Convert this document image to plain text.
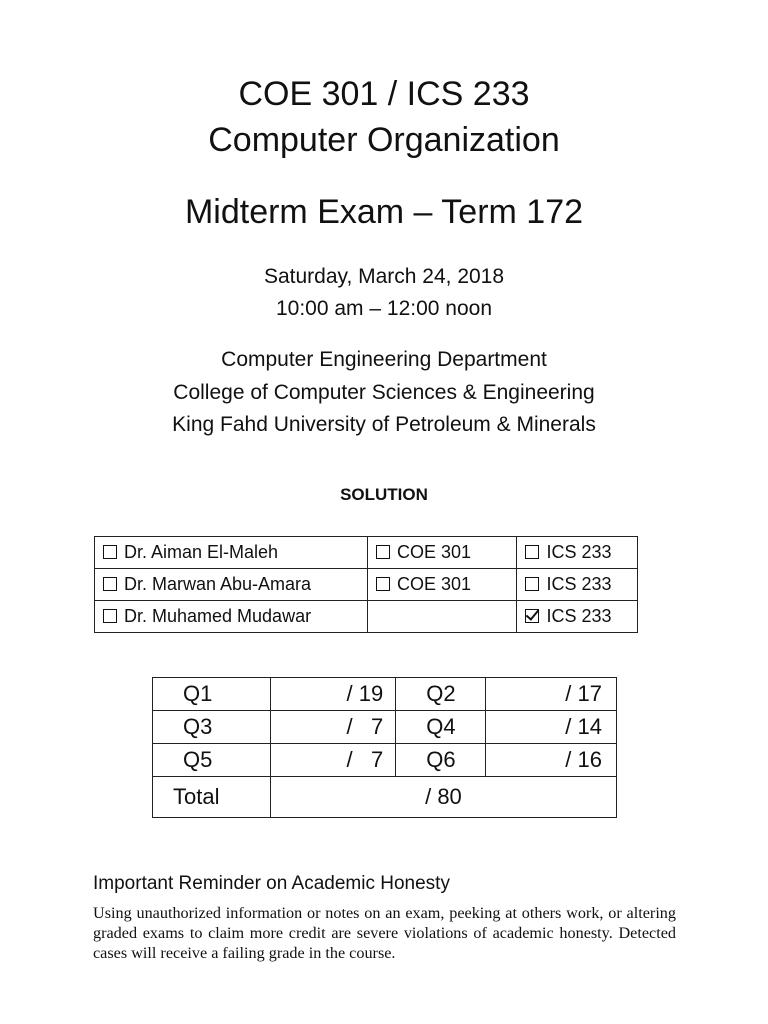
COE 301 / ICS 233
Computer Organization
Midterm Exam – Term 172
Saturday, March 24, 2018
10:00 am – 12:00 noon
Computer Engineering Department
College of Computer Sciences & Engineering
King Fahd University of Petroleum & Minerals
SOLUTION
Dr. Aiman El-Maleh	COE 301	ICS 233
Dr. Marwan Abu-Amara	COE 301	ICS 233
Dr. Muhamed Mudawar		ICS 233
Q1	/ 19	Q2	/ 17
Q3	/   7	Q4	/ 14
Q5	/   7	Q6	/ 16
Total	/ 80		
Important Reminder on Academic Honesty
Using unauthorized information or notes on an exam, peeking at others work, or altering graded exams to claim more credit are severe violations of academic honesty. Detected cases will receive a failing grade in the course.
